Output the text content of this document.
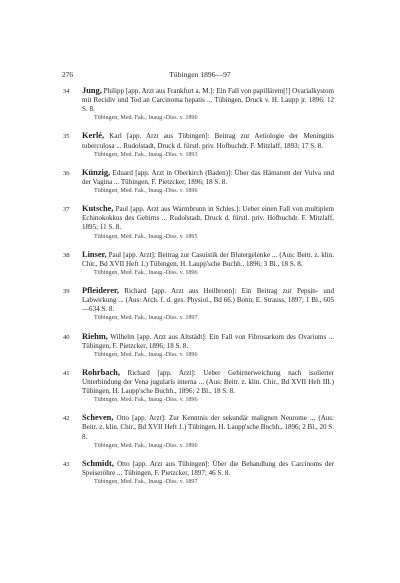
276	Tübingen 1896—97
34 Jung, Philipp [app. Arzt aus Frankfurt a. M.]: Ein Fall von papillärem[!] Ovarialkystom mit Recidiv und Tod an Carcinoma hepatis ... Tübingen, Druck v. H. Laupp jr. 1896: 12 S. 8.
Tübingen, Med. Fak., Inaug.-Diss. v. 1896
35 Kerlé, Karl [app. Arzt aus Tübingen]: Beitrag zur Aetiologie der Meningitis tuberculosa ... Rudolstadt, Druck d. fürstl. priv. Hofbuchdr. F. Mitzlaff, 1893; 17 S. 8.
Tübingen, Med. Fak., Inaug.-Diss. v. 1893
36 Künzig, Eduard [app. Arzt in Oberkirch (Baden)]: Über das Hämatom der Vulva und der Vagina ... Tübingen, F. Pietzcker, 1896; 18 S. 8.
Tübingen, Med. Fak., Inaug.-Diss. v. 1896
37 Kutsche, Paul [app. Arzt aus Warmbrunn in Schles.]: Ueber einen Fall von multiplem Echinokokkus des Gehirns ... Rudolstadt, Druck d. fürstl. priv. Hofbuchdr. F. Mitzlaff, 1895; 11 S. 8.
Tübingen, Med. Fak., Inaug.-Diss. v. 1895
38 Linser, Paul [app. Arzt]: Beitrag zur Casuistik der Blutergelenke ... (Aus: Beitr. z. klin. Chir., Bd XVII Heft 1.) Tübingen, H. Laupp'sche Buchh., 1896; 3 Bl., 18 S. 8.
Tübingen, Med. Fak., Inaug.-Diss. v. 1896
39 Pfleiderer, Richard [app. Arzt aus Heilbronn]: Ein Beitrag zur Pepsin- und Labwirkung ... (Aus: Arch. f. d. ges. Physiol., Bd 66.) Bonn, E. Strauss, 1897; 1 Bl., 605—634 S. 8.
Tübingen, Med. Fak., Inaug.-Diss. v. 1897
40 Riehm, Wilhelm [app. Arzt aus Altstädt]: Ein Fall von Fibrosarkom des Ovariums ... Tübingen, F. Pietzcker, 1896; 18 S. 8.
Tübingen, Med. Fak., Inaug.-Diss. v. 1896
41 Rohrbach, Richard [app. Arzt]: Ueber Gehirnerweichung nach isolierter Unterbindung der Vena jugularis interna ... (Aus: Beitr. z. klin. Chir., Bd XVII Heft III.) Tübingen, H. Laupp'sche Buchh., 1896; 2 Bl., 18 S. 8.
Tübingen, Med. Fak., Inaug.-Diss. v. 1896
42 Scheven, Otto [app. Arzt]: Zur Kenntnis der sekundär malignen Neurome ... (Aus: Beitr. z. klin. Chir., Bd XVII Heft 1.) Tübingen, H. Laupp'sche Buchh., 1896; 2 Bl., 20 S. 8.
Tübingen, Med. Fak., Inaug.-Diss. v. 1896
43 Schmidt, Otto [app. Arzt aus Tübingen]: Über die Behandlung des Carcinoms der Speiseröhre ... Tübingen, F. Pietzcker, 1897; 46 S. 8.
Tübingen, Med. Fak., Inaug.-Diss. v. 1897
